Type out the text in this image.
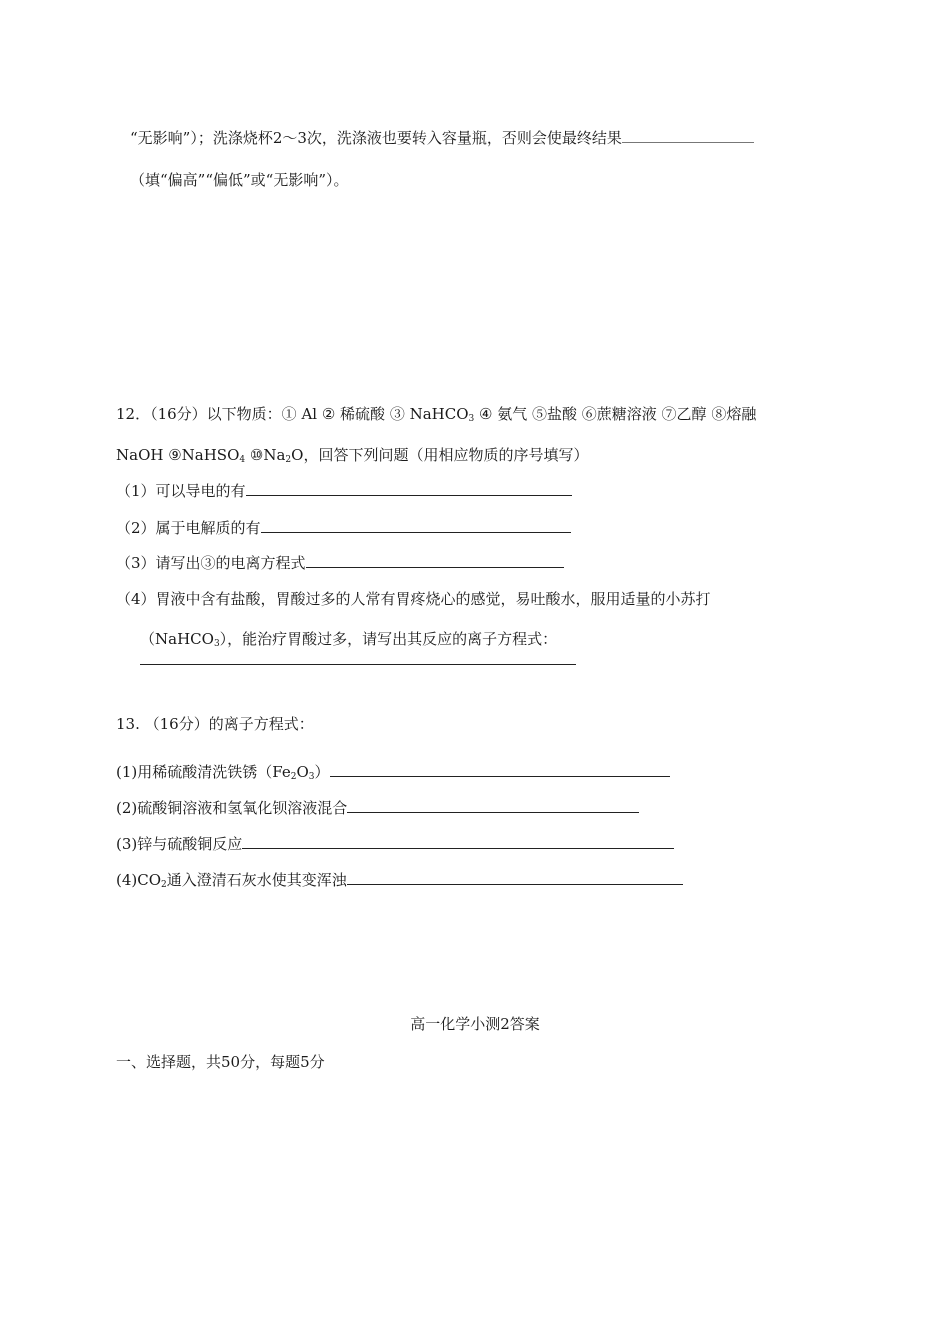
“无影响”）；洗涤烧杯2～3次，洗涤液也要转入容量瓶，否则会使最终结果
（填“偏高”“偏低”或“无影响”）。
12．（16分）以下物质：① Al ② 稀硫酸 ③ NaHCO$_3$ ④ 氨气 ⑤盐酸 ⑥蔗糖溶液 ⑦乙醇 ⑧熔融
NaOH ⑨NaHSO$_4$ $⑩Na_2O$，回答下列问题（用相应物质的序号填写）
（1）可以导电的有
（2）属于电解质的有
（3）请写出③的电离方程式
（4）胃液中含有盐酸，胃酸过多的人常有胃疼烧心的感觉，易吐酸水，服用适量的小苏打
（NaHCO$_3$），能治疗胃酸过多，请写出其反应的离子方程式：
13. （16分）的离子方程式：
(1)用稀硫酸清洗铁锈$(Fe_2O_3)$
(2)硫酸铜溶液和氢氧化钡溶液混合
(3)锌与硫酸铜反应
$(4)CO_2$通入澄清石灰水使其变浑浊
高一化学小测2答案
一、选择题，共50分，每题5分
